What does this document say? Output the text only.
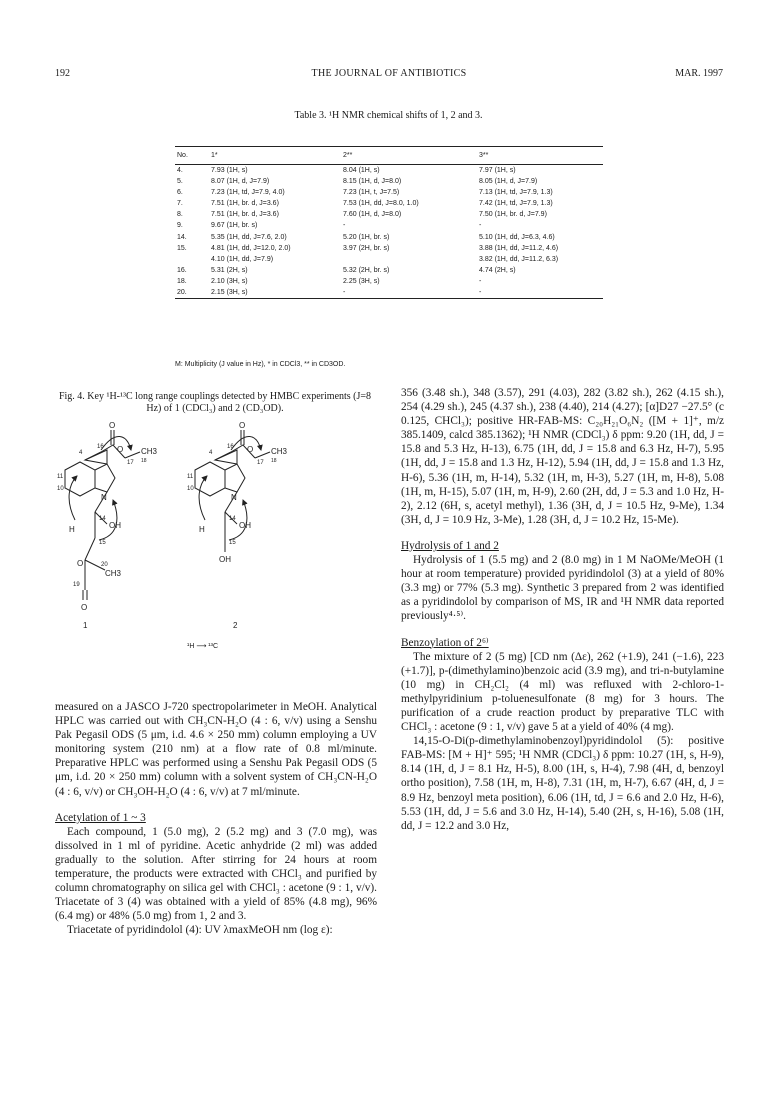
192	THE JOURNAL OF ANTIBIOTICS	MAR. 1997
Table 3. ¹H NMR chemical shifts of 1, 2 and 3.
No.	1*	2**	3**
4.	7.93 (1H, s)	8.04 (1H, s)	7.97 (1H, s)
5.	8.07 (1H, d, J=7.9)	8.15 (1H, d, J=8.0)	8.05 (1H, d, J=7.9)
6.	7.23 (1H, td, J=7.9, 4.0)	7.23 (1H, t, J=7.5)	7.13 (1H, td, J=7.9, 1.3)
7.	7.51 (1H, br. d, J=3.6)	7.53 (1H, dd, J=8.0, 1.0)	7.42 (1H, td, J=7.9, 1.3)
8.	7.51 (1H, br. d, J=3.6)	7.60 (1H, d, J=8.0)	7.50 (1H, br. d, J=7.9)
9.	9.67 (1H, br. s)	-	-
14.	5.35 (1H, dd, J=7.6, 2.0)	5.20 (1H, br. s)	5.10 (1H, dd, J=6.3, 4.6)
15.	4.81 (1H, dd, J=12.0, 2.0)	3.97 (2H, br. s)	3.88 (1H, dd, J=11.2, 4.6)
	4.10 (1H, dd, J=7.9)		3.82 (1H, dd, J=11.2, 6.3)
16.	5.31 (2H, s)	5.32 (2H, br. s)	4.74 (2H, s)
18.	2.10 (3H, s)	2.25 (3H, s)	-
20.	2.15 (3H, s)	-	-
M: Multiplicity (J value in Hz), * in CDCl3, ** in CD3OD.
Fig. 4. Key ¹H-¹³C long range couplings detected by HMBC experiments (J=8 Hz) of 1 (CDCl₃) and 2 (CD₃OD).
O
4
16 O
17
CH3
18
11
10
N
OH
14
H
15
O	20
CH3
19
O
O
4
16 O
17
CH3
18
11
10
N
OH
14
H
15
OH
1	2
¹H ⟶ ¹³C

measured on a JASCO J-720 spectropolarimeter in MeOH. Analytical HPLC was carried out with CH₃CN-H₂O (4 : 6, v/v) using a Senshu Pak Pegasil ODS (5 μm, i.d. 4.6 × 250 mm) column employing a UV monitoring system (210 nm) at a flow rate of 0.8 ml/minute. Preparative HPLC was performed using a Senshu Pak Pegasil ODS (5 μm, i.d. 20 × 250 mm) column with a solvent system of CH₃CN-H₂O (4 : 6, v/v) or CH₃OH-H₂O (4 : 6, v/v) at 7 ml/minute.

Acetylation of 1 ~ 3

Each compound, 1 (5.0 mg), 2 (5.2 mg) and 3 (7.0 mg), was dissolved in 1 ml of pyridine. Acetic anhydride (2 ml) was added gradually to the solution. After stirring for 24 hours at room temperature, the products were extracted with CHCl₃ and purified by column chromatography on silica gel with CHCl₃ : acetone (9 : 1, v/v). Triacetate of 3 (4) was obtained with a yield of 85% (4.8 mg), 96% (6.4 mg) or 48% (5.0 mg) from 1, 2 and 3.

Triacetate of pyridindolol (4): UV λmaxMeOH nm (log ε):

356 (3.48 sh.), 348 (3.57), 291 (4.03), 282 (3.82 sh.), 262 (4.15 sh.), 254 (4.29 sh.), 245 (4.37 sh.), 238 (4.40), 214 (4.27); [α]D27 −27.5° (c 0.125, CHCl₃); positive HR-FAB-MS: C₂₀H₂₁O₆N₂ ([M + 1]⁺, m/z 385.1409, calcd 385.1362); ¹H NMR (CDCl₃) δ ppm: 9.20 (1H, dd, J = 15.8 and 5.3 Hz, H-13), 6.75 (1H, dd, J = 15.8 and 6.3 Hz, H-7), 5.95 (1H, dd, J = 15.8 and 1.3 Hz, H-12), 5.94 (1H, dd, J = 15.8 and 1.3 Hz, H-6), 5.36 (1H, m, H-14), 5.32 (1H, m, H-3), 5.27 (1H, m, H-8), 5.08 (1H, m, H-15), 5.07 (1H, m, H-9), 2.60 (2H, dd, J = 5.3 and 1.0 Hz, H-2), 2.12 (6H, s, acetyl methyl), 1.36 (3H, d, J = 10.5 Hz, 9-Me), 1.34 (3H, d, J = 10.9 Hz, 3-Me), 1.28 (3H, d, J = 10.2 Hz, 15-Me).

Hydrolysis of 1 and 2

Hydrolysis of 1 (5.5 mg) and 2 (8.0 mg) in 1 M NaOMe/MeOH (1 hour at room temperature) provided pyridindolol (3) at a yield of 80% (3.3 mg) or 77% (5.3 mg). Synthetic 3 prepared from 2 was identified as a pyridindolol by comparison of MS, IR and ¹H NMR data reported previously⁴·⁵⁾.

Benzoylation of 2⁶⁾

The mixture of 2 (5 mg) [CD nm (Δε), 262 (+1.9), 241 (−1.6), 223 (+1.7)], p-(dimethylamino)benzoic acid (3.9 mg), and tri-n-butylamine (10 mg) in CH₂Cl₂ (4 ml) was refluxed with 2-chloro-1-methylpyridinium p-toluenesulfonate (8 mg) for 3 hours. The purification of a crude reaction product by preparative TLC with CHCl₃ : acetone (9 : 1, v/v) gave 5 at a yield of 40% (4 mg).

14,15-O-Di(p-dimethylaminobenzoyl)pyridindolol (5): positive FAB-MS: [M + H]⁺ 595; ¹H NMR (CDCl₃) δ ppm: 10.27 (1H, s, H-9), 8.14 (1H, d, J = 8.1 Hz, H-5), 8.00 (1H, s, H-4), 7.98 (4H, d, benzoyl ortho position), 7.58 (1H, m, H-8), 7.31 (1H, m, H-7), 6.67 (4H, d, J = 8.9 Hz, benzoyl meta position), 6.06 (1H, td, J = 6.6 and 2.0 Hz, H-6), 5.53 (1H, dd, J = 5.6 and 3.0 Hz, H-14), 5.40 (2H, s, H-16), 5.08 (1H, dd, J = 12.2 and 3.0 Hz,
